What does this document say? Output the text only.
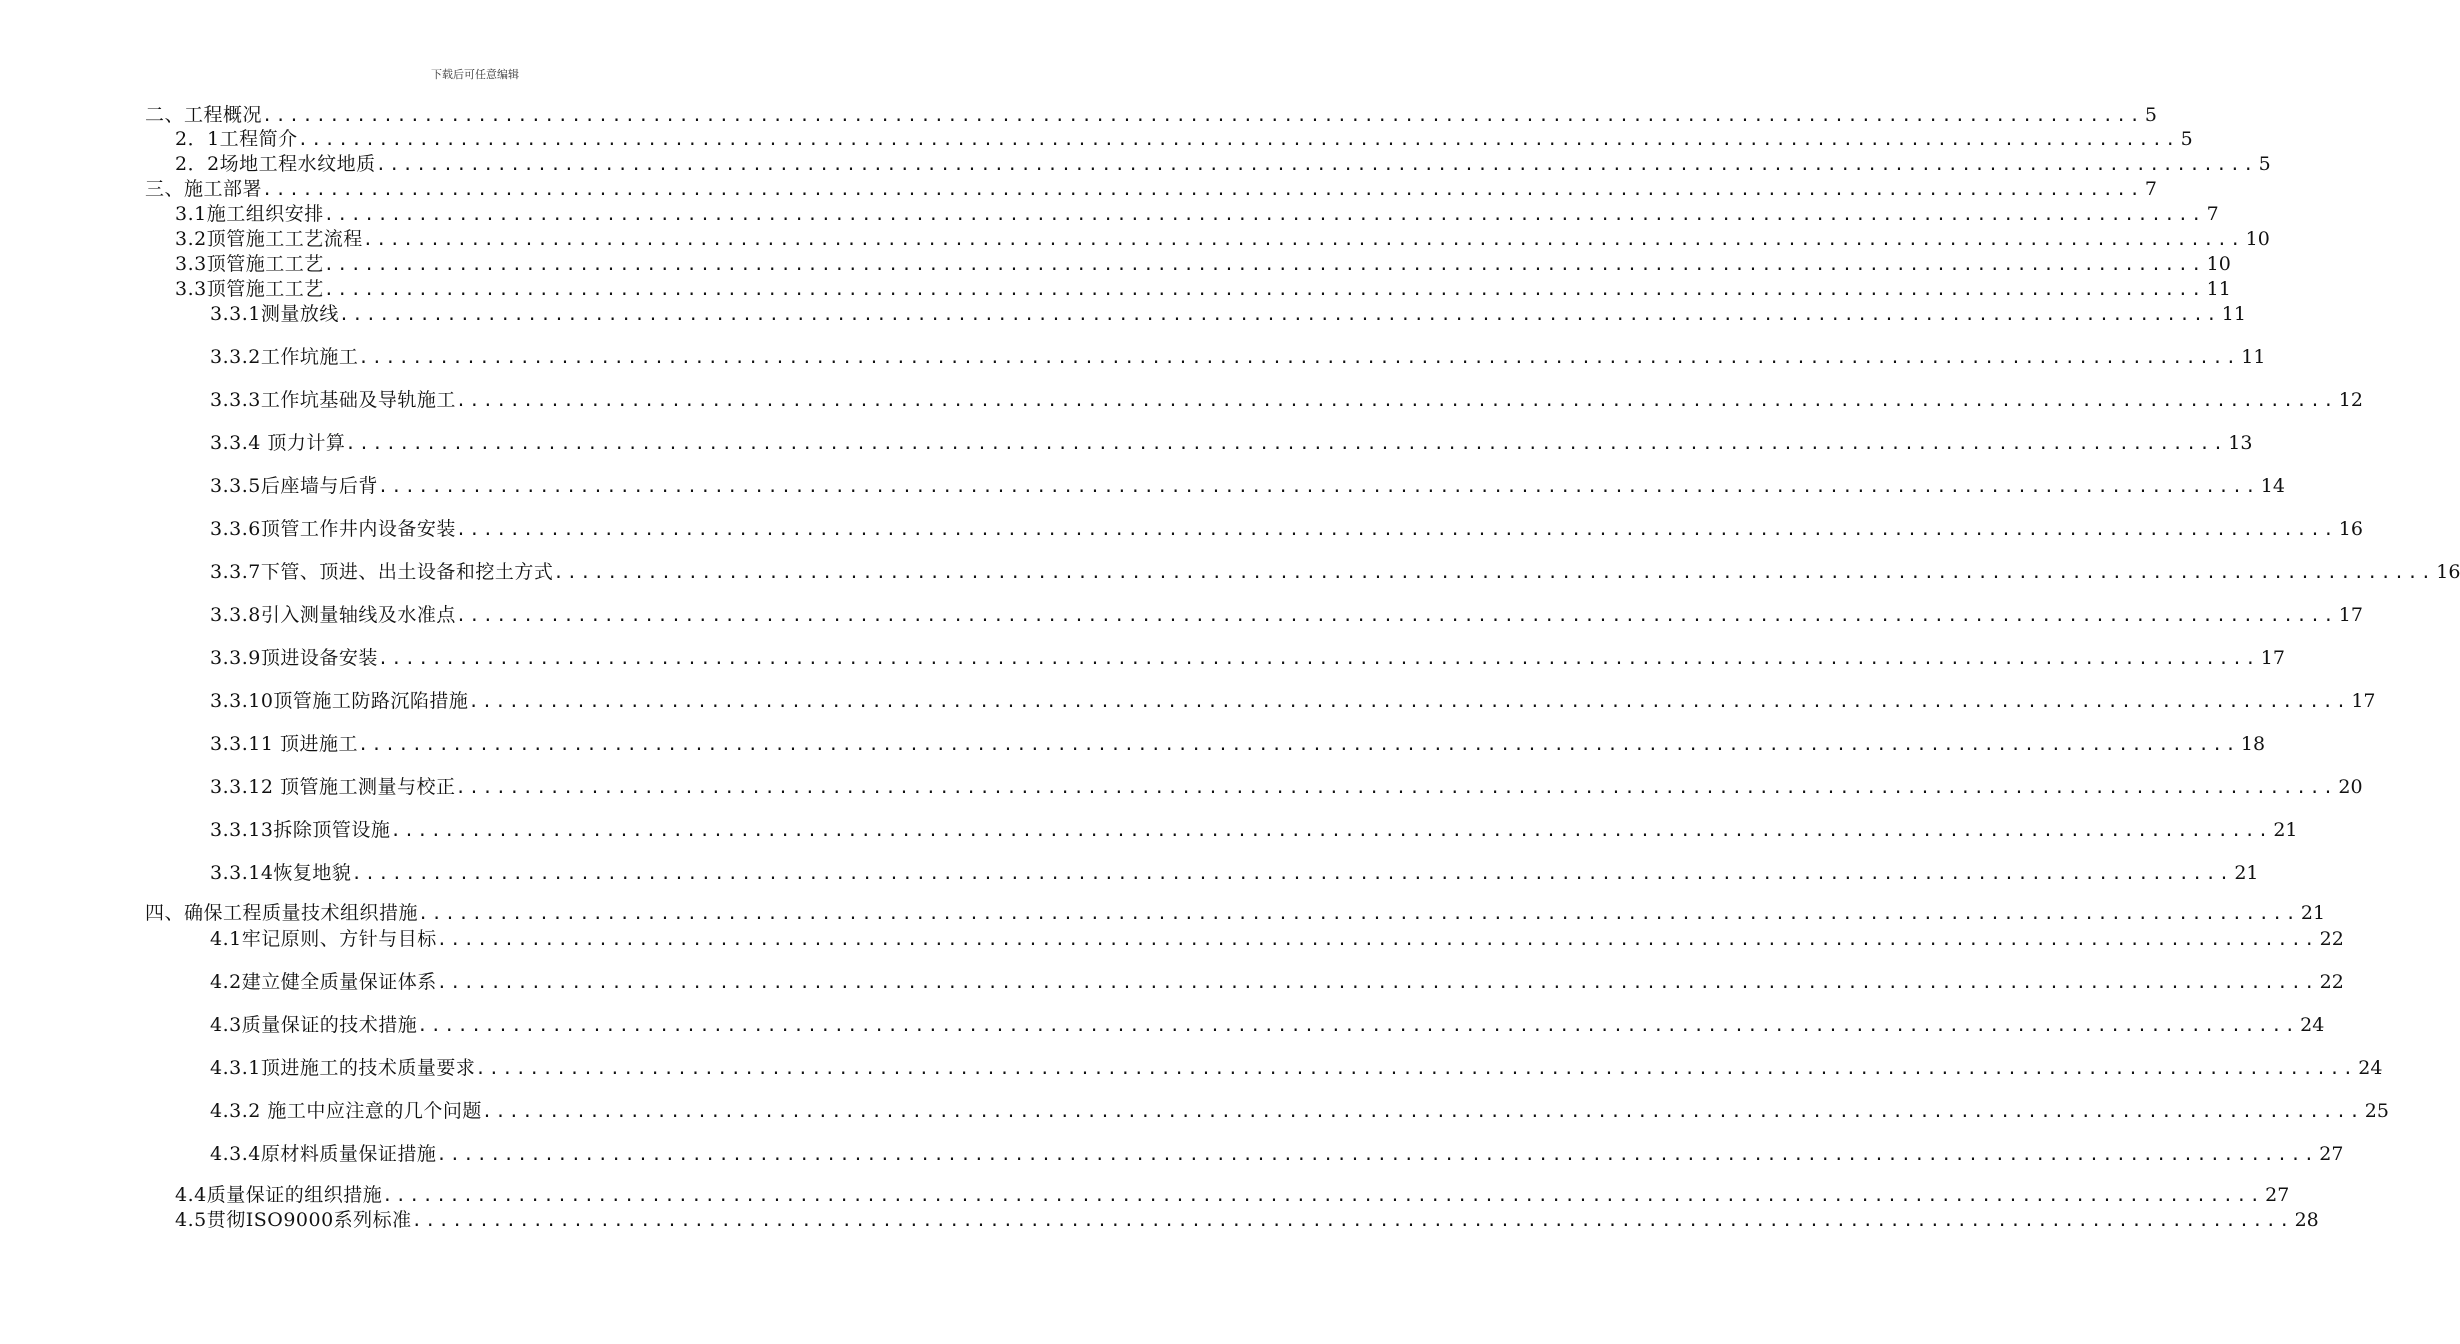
下载后可任意编辑
二、工程概况 ............................................................................................................................................ 5
2．1工程简介 ............................................................................................................................................ 5
2．2场地工程水纹地质 ............................................................................................................................................ 5
三、施工部署 ............................................................................................................................................ 7
3.1施工组织安排 ............................................................................................................................................ 7
3.2顶管施工工艺流程 ............................................................................................................................................ 10
3.3顶管施工工艺 ............................................................................................................................................ 10
3.3顶管施工工艺 ............................................................................................................................................ 11
3.3.1测量放线 ............................................................................................................................................ 11
3.3.2工作坑施工 ............................................................................................................................................ 11
3.3.3工作坑基础及导轨施工 ............................................................................................................................................ 12
3.3.4 顶力计算 ............................................................................................................................................ 13
3.3.5后座墙与后背 ............................................................................................................................................ 14
3.3.6顶管工作井内设备安装 ............................................................................................................................................ 16
3.3.7下管、顶进、出土设备和挖土方式 ............................................................................................................................................ 16
3.3.8引入测量轴线及水准点 ............................................................................................................................................ 17
3.3.9顶进设备安装 ............................................................................................................................................ 17
3.3.10顶管施工防路沉陷措施 ............................................................................................................................................ 17
3.3.11 顶进施工 ............................................................................................................................................ 18
3.3.12 顶管施工测量与校正 ............................................................................................................................................ 20
3.3.13拆除顶管设施 ............................................................................................................................................ 21
3.3.14恢复地貌 ............................................................................................................................................ 21
四、确保工程质量技术组织措施 ............................................................................................................................................ 21
4.1牢记原则、方针与目标 ............................................................................................................................................ 22
4.2建立健全质量保证体系 ............................................................................................................................................ 22
4.3质量保证的技术措施 ............................................................................................................................................ 24
4.3.1顶进施工的技术质量要求 ............................................................................................................................................ 24
4.3.2 施工中应注意的几个问题 ............................................................................................................................................ 25
4.3.4原材料质量保证措施 ............................................................................................................................................ 27
4.4质量保证的组织措施 ............................................................................................................................................ 27
4.5贯彻ISO9000系列标准 ............................................................................................................................................ 28
